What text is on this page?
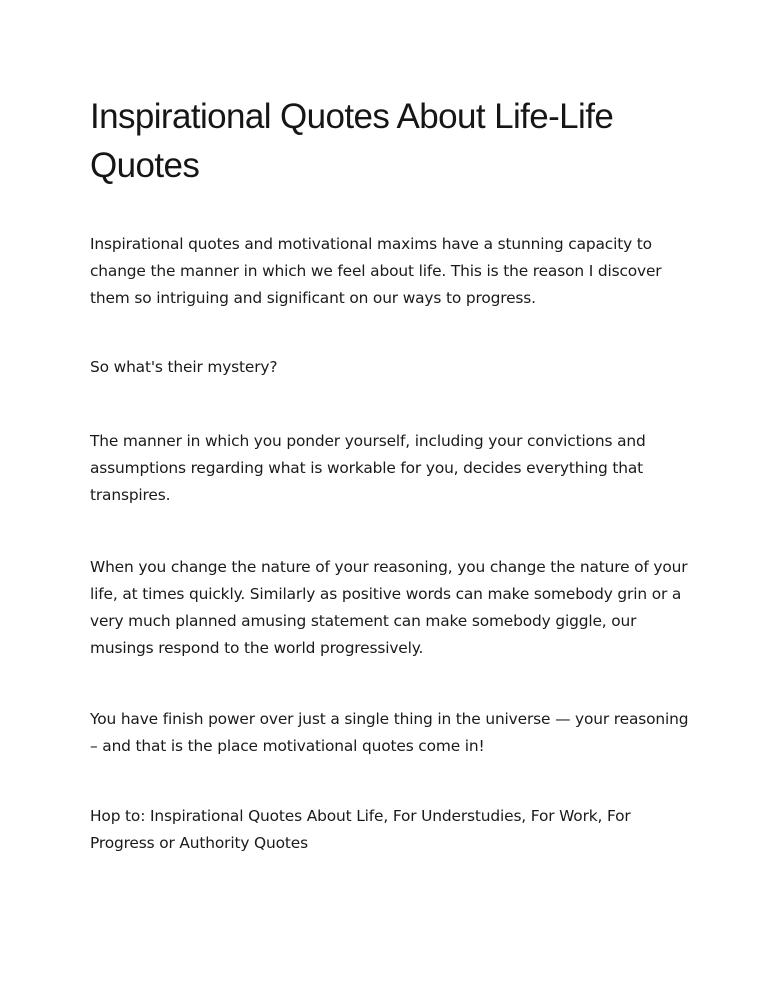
Inspirational Quotes About Life-Life Quotes

Inspirational quotes and motivational maxims have a stunning capacity to change the manner in which we feel about life. This is the reason I discover them so intriguing and significant on our ways to progress.

So what's their mystery?

The manner in which you ponder yourself, including your convictions and assumptions regarding what is workable for you, decides everything that transpires.

When you change the nature of your reasoning, you change the nature of your life, at times quickly. Similarly as positive words can make somebody grin or a very much planned amusing statement can make somebody giggle, our musings respond to the world progressively.

You have finish power over just a single thing in the universe — your reasoning – and that is the place motivational quotes come in!

Hop to: Inspirational Quotes About Life, For Understudies, For Work, For Progress or Authority Quotes
